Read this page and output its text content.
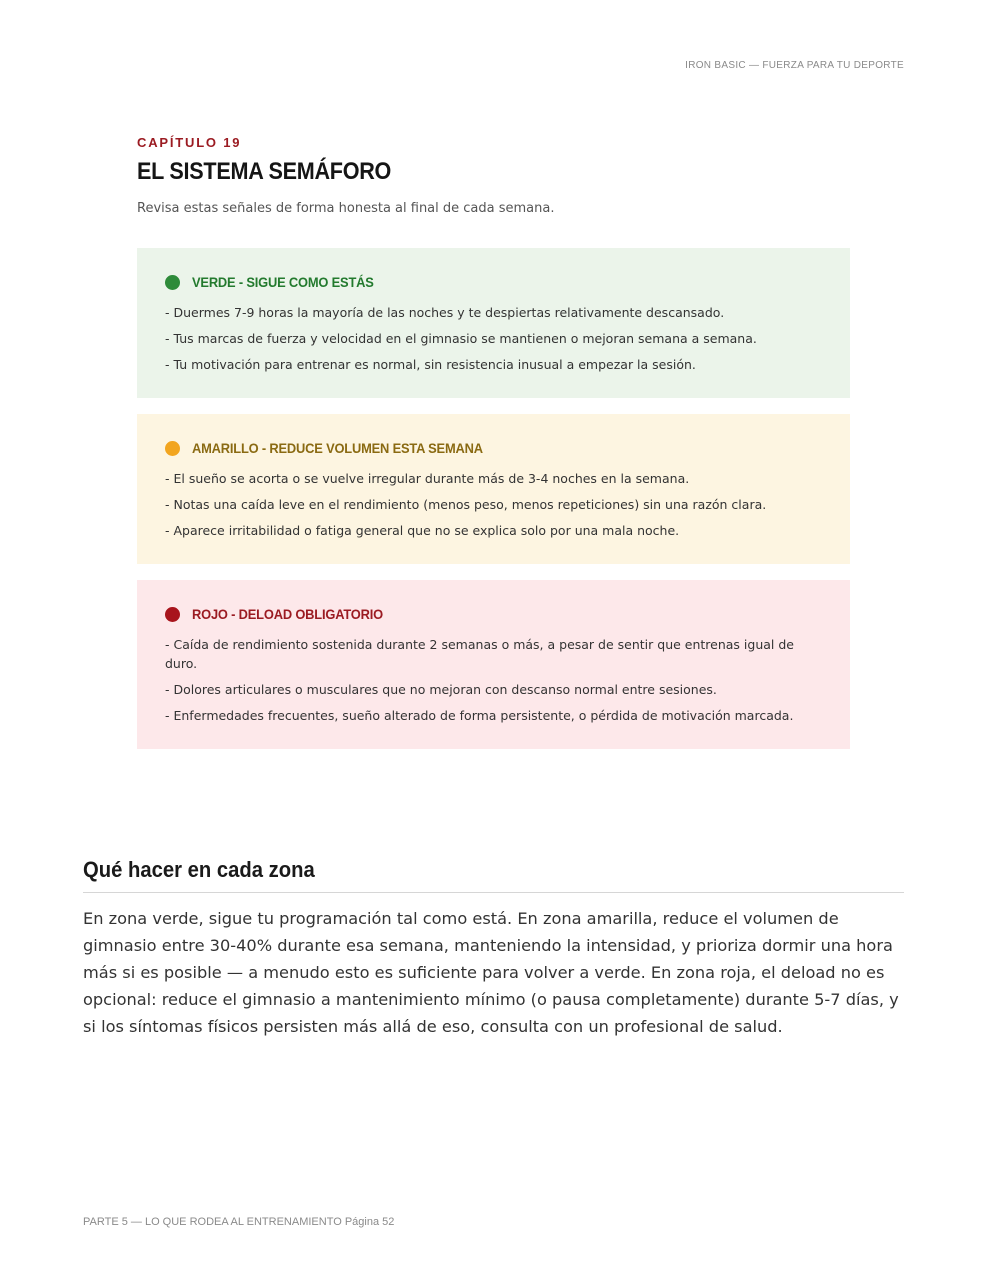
IRON BASIC — FUERZA PARA TU DEPORTE
CAPÍTULO 19
EL SISTEMA SEMÁFORO
Revisa estas señales de forma honesta al final de cada semana.
VERDE - SIGUE COMO ESTÁS
- Duermes 7-9 horas la mayoría de las noches y te despiertas relativamente descansado.
- Tus marcas de fuerza y velocidad en el gimnasio se mantienen o mejoran semana a semana.
- Tu motivación para entrenar es normal, sin resistencia inusual a empezar la sesión.
AMARILLO - REDUCE VOLUMEN ESTA SEMANA
- El sueño se acorta o se vuelve irregular durante más de 3-4 noches en la semana.
- Notas una caída leve en el rendimiento (menos peso, menos repeticiones) sin una razón clara.
- Aparece irritabilidad o fatiga general que no se explica solo por una mala noche.
ROJO - DELOAD OBLIGATORIO
- Caída de rendimiento sostenida durante 2 semanas o más, a pesar de sentir que entrenas igual de duro.
- Dolores articulares o musculares que no mejoran con descanso normal entre sesiones.
- Enfermedades frecuentes, sueño alterado de forma persistente, o pérdida de motivación marcada.
Qué hacer en cada zona

En zona verde, sigue tu programación tal como está. En zona amarilla, reduce el volumen de gimnasio entre 30-40% durante esa semana, manteniendo la intensidad, y prioriza dormir una hora más si es posible — a menudo esto es suficiente para volver a verde. En zona roja, el deload no es opcional: reduce el gimnasio a mantenimiento mínimo (o pausa completamente) durante 5-7 días, y si los síntomas físicos persisten más allá de eso, consulta con un profesional de salud.

PARTE 5 — LO QUE RODEA AL ENTRENAMIENTO Página 52
